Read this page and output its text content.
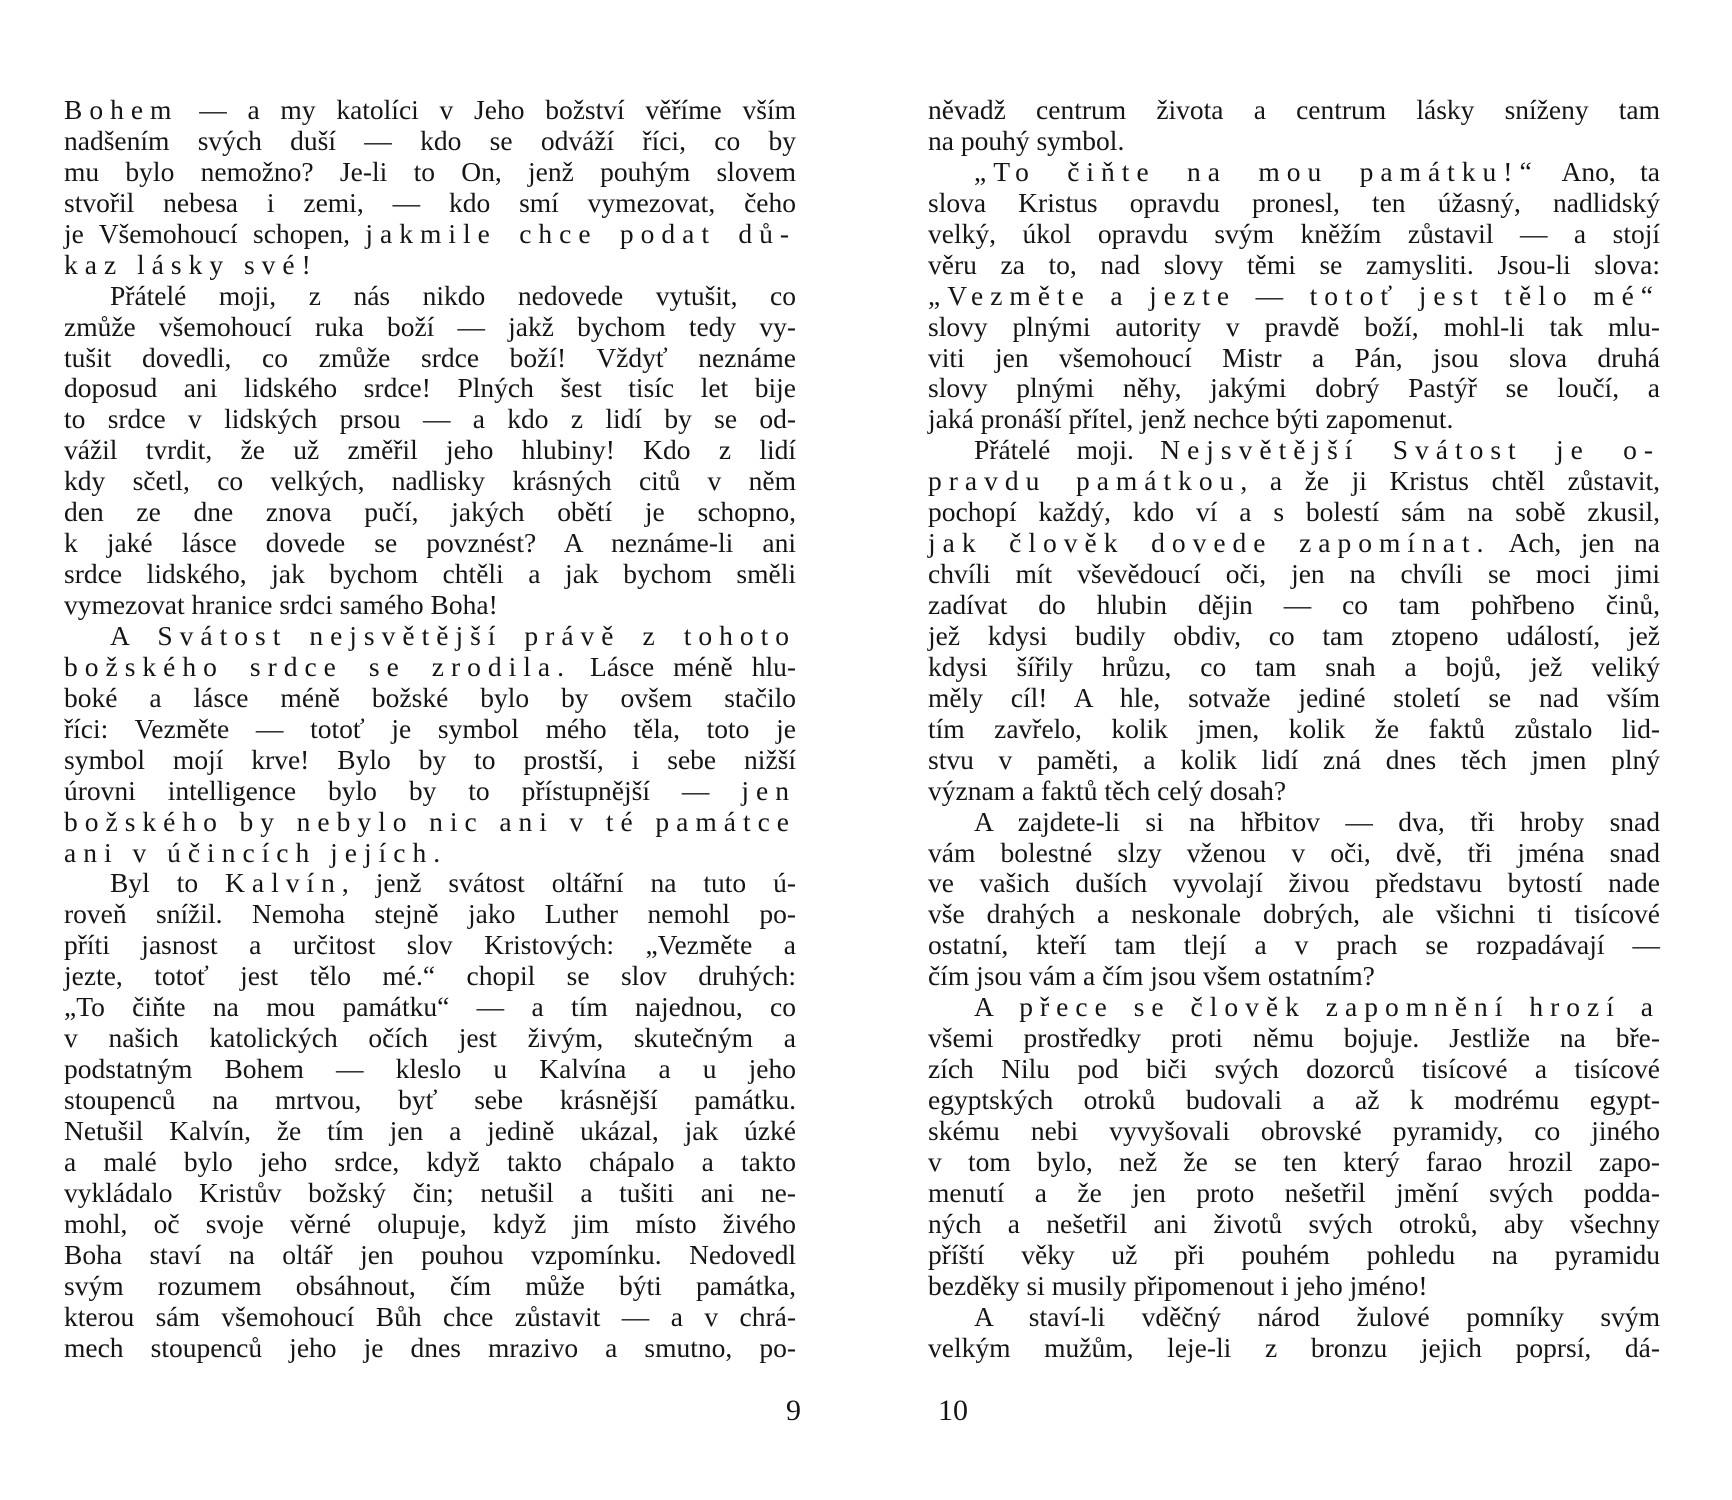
Bohem — a my katolíci v Jeho božství věříme vším
nadšením svých duší — kdo se odváží říci, co by
mu bylo nemožno? Je-li to On, jenž pouhým slovem
stvořil nebesa i zemi, — kdo smí vymezovat, čeho
je Všemohoucí schopen, jakmile chce podat dů-
kaz lásky své!
Přátelé moji, z nás nikdo nedovede vytušit, co
zmůže všemohoucí ruka boží — jakž bychom tedy vy-
tušit dovedli, co zmůže srdce boží! Vždyť neznáme
doposud ani lidského srdce! Plných šest tisíc let bije
to srdce v lidských prsou — a kdo z lidí by se od-
vážil tvrdit, že už změřil jeho hlubiny! Kdo z lidí
kdy sčetl, co velkých, nadlisky krásných citů v něm
den ze dne znova pučí, jakých obětí je schopno,
k jaké lásce dovede se povznést? A neznáme-li ani
srdce lidského, jak bychom chtěli a jak bychom směli
vymezovat hranice srdci samého Boha!
A Svátost nejsvětější právě z tohoto
božského srdce se zrodila. Lásce méně hlu-
boké a lásce méně božské bylo by ovšem stačilo
říci: Vezměte — totoť je symbol mého těla, toto je
symbol mojí krve! Bylo by to prostší, i sebe nižší
úrovni intelligence bylo by to přístupnější — jen
božského by nebylo nic ani v té památce
ani v účincích jejích.
Byl to Kalvín, jenž svátost oltářní na tuto ú-
roveň snížil. Nemoha stejně jako Luther nemohl po-
příti jasnost a určitost slov Kristových: „Vezměte a
jezte, totoť jest tělo mé.“ chopil se slov druhých:
„To čiňte na mou památku“ — a tím najednou, co
v našich katolických očích jest živým, skutečným a
podstatným Bohem — kleslo u Kalvína a u jeho
stoupenců na mrtvou, byť sebe krásnější památku.
Netušil Kalvín, že tím jen a jedině ukázal, jak úzké
a malé bylo jeho srdce, když takto chápalo a takto
vykládalo Kristův božský čin; netušil a tušiti ani ne-
mohl, oč svoje věrné olupuje, když jim místo živého
Boha staví na oltář jen pouhou vzpomínku. Nedovedl
svým rozumem obsáhnout, čím může býti památka,
kterou sám všemohoucí Bůh chce zůstavit — a v chrá-
mech stoupenců jeho je dnes mrazivo a smutno, po-
něvadž centrum života a centrum lásky sníženy tam
na pouhý symbol.
„To čiňte na mou památku!“ Ano, ta
slova Kristus opravdu pronesl, ten úžasný, nadlidský
velký, úkol opravdu svým kněžím zůstavil — a stojí
věru za to, nad slovy těmi se zamysliti. Jsou-li slova:
„Vezměte a jezte — totoť jest tělo mé“
slovy plnými autority v pravdě boží, mohl-li tak mlu-
viti jen všemohoucí Mistr a Pán, jsou slova druhá
slovy plnými něhy, jakými dobrý Pastýř se loučí, a
jaká pronáší přítel, jenž nechce býti zapomenut.
Přátelé moji. Nejsvětější Svátost je o-
pravdu památkou, a že ji Kristus chtěl zůstavit,
pochopí každý, kdo ví a s bolestí sám na sobě zkusil,
jak člověk dovede zapomínat. Ach, jen na
chvíli mít vševědoucí oči, jen na chvíli se moci jimi
zadívat do hlubin dějin — co tam pohřbeno činů,
jež kdysi budily obdiv, co tam ztopeno událostí, jež
kdysi šířily hrůzu, co tam snah a bojů, jež veliký
měly cíl! A hle, sotvaže jediné století se nad vším
tím zavřelo, kolik jmen, kolik že faktů zůstalo lid-
stvu v paměti, a kolik lidí zná dnes těch jmen plný
význam a faktů těch celý dosah?
A zajdete-li si na hřbitov — dva, tři hroby snad
vám bolestné slzy vženou v oči, dvě, tři jména snad
ve vašich duších vyvolají živou představu bytostí nade
vše drahých a neskonale dobrých, ale všichni ti tisícové
ostatní, kteří tam tlejí a v prach se rozpadávají —
čím jsou vám a čím jsou všem ostatním?
A přece se člověk zapomnění hrozí a
všemi prostředky proti němu bojuje. Jestliže na bře-
zích Nilu pod biči svých dozorců tisícové a tisícové
egyptských otroků budovali a až k modrému egypt-
skému nebi vyvyšovali obrovské pyramidy, co jiného
v tom bylo, než že se ten který farao hrozil zapo-
menutí a že jen proto nešetřil jmění svých podda-
ných a nešetřil ani životů svých otroků, aby všechny
příští věky už při pouhém pohledu na pyramidu
bezděky si musily připomenout i jeho jméno!
A staví-li vděčný národ žulové pomníky svým
velkým mužům, leje-li z bronzu jejich poprsí, dá-
9	10
